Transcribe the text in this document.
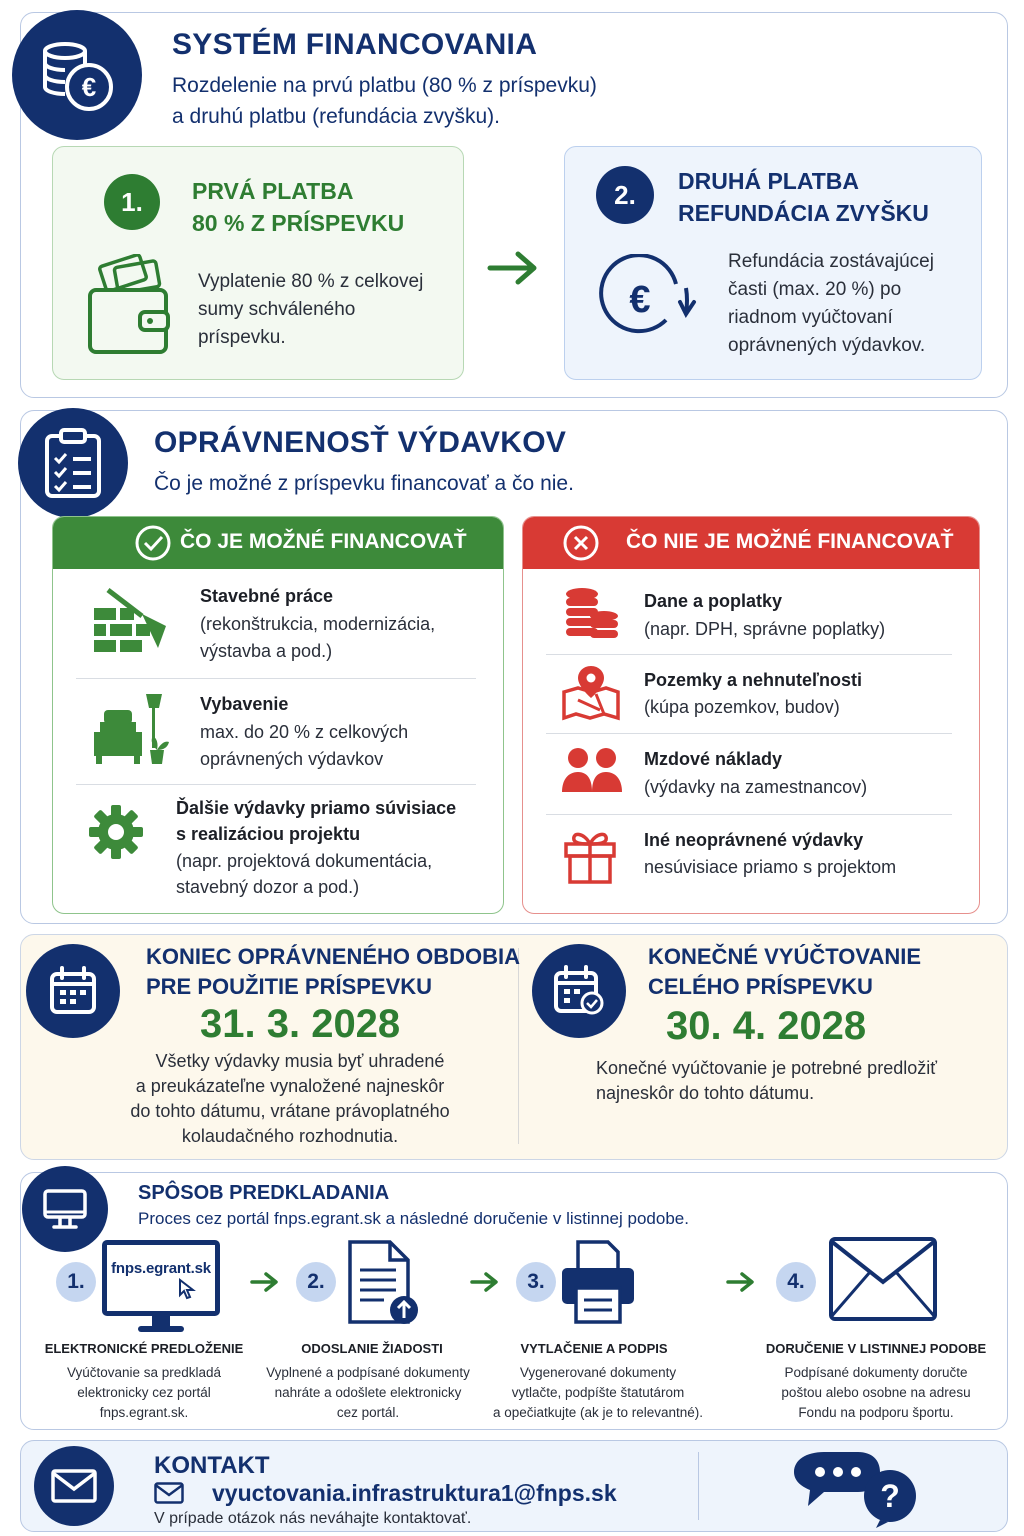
€
SYSTÉM FINANCOVANIA
Rozdelenie na prvú platbu (80 % z príspevku)
a druhú platbu (refundácia zvyšku).
1.	PRVÁ PLATBA
80 % Z PRÍSPEVKU
Vyplatenie 80 % z celkovej
sumy schváleného
príspevku.
2.	DRUHÁ PLATBA
REFUNDÁCIA ZVYŠKU
€
Refundácia zostávajúcej
časti (max. 20 %) po
riadnom vyúčtovaní
oprávnených výdavkov.
OPRÁVNENOSŤ VÝDAVKOV
Čo je možné z príspevku financovať a čo nie.
ČO JE MOŽNÉ FINANCOVAŤ
Stavebné práce
(rekonštrukcia, modernizácia,
výstavba a pod.)
Vybavenie
max. do 20 % z celkových
oprávnených výdavkov
Ďalšie výdavky priamo súvisiace
s realizáciou projektu
(napr. projektová dokumentácia,
stavebný dozor a pod.)
ČO NIE JE MOŽNÉ FINANCOVAŤ
Dane a poplatky
(napr. DPH, správne poplatky)
Pozemky a nehnuteľnosti
(kúpa pozemkov, budov)
Mzdové náklady
(výdavky na zamestnancov)
Iné neoprávnené výdavky
nesúvisiace priamo s projektom
KONIEC OPRÁVNENÉHO OBDOBIA
PRE POUŽITIE PRÍSPEVKU
31. 3. 2028
Všetky výdavky musia byť uhradené
a preukázateľne vynaložené najneskôr
do tohto dátumu, vrátane právoplatného
kolaudačného rozhodnutia.
KONEČNÉ VYÚČTOVANIE
CELÉHO PRÍSPEVKU
30. 4. 2028
Konečné vyúčtovanie je potrebné predložiť
najneskôr do tohto dátumu.
SPÔSOB PREDKLADANIA
Proces cez portál fnps.egrant.sk a následné doručenie v listinnej podobe.
1.
fnps.egrant.sk
ELEKTRONICKÉ PREDLOŽENIE
Vyúčtovanie sa predkladá
elektronicky cez portál
fnps.egrant.sk.
2.
ODOSLANIE ŽIADOSTI
Vyplnené a podpísané dokumenty
nahráte a odošlete elektronicky
cez portál.
3.
VYTLAČENIE A PODPIS
Vygenerované dokumenty
vytlačte, podpíšte štatutárom
a opečiatkujte (ak je to relevantné).
4.
DORUČENIE V LISTINNEJ PODOBE
Podpísané dokumenty doručte
poštou alebo osobne na adresu
Fondu na podporu športu.
KONTAKT
vyuctovania.infrastruktura1@fnps.sk
V prípade otázok nás neváhajte kontaktovať.
?
